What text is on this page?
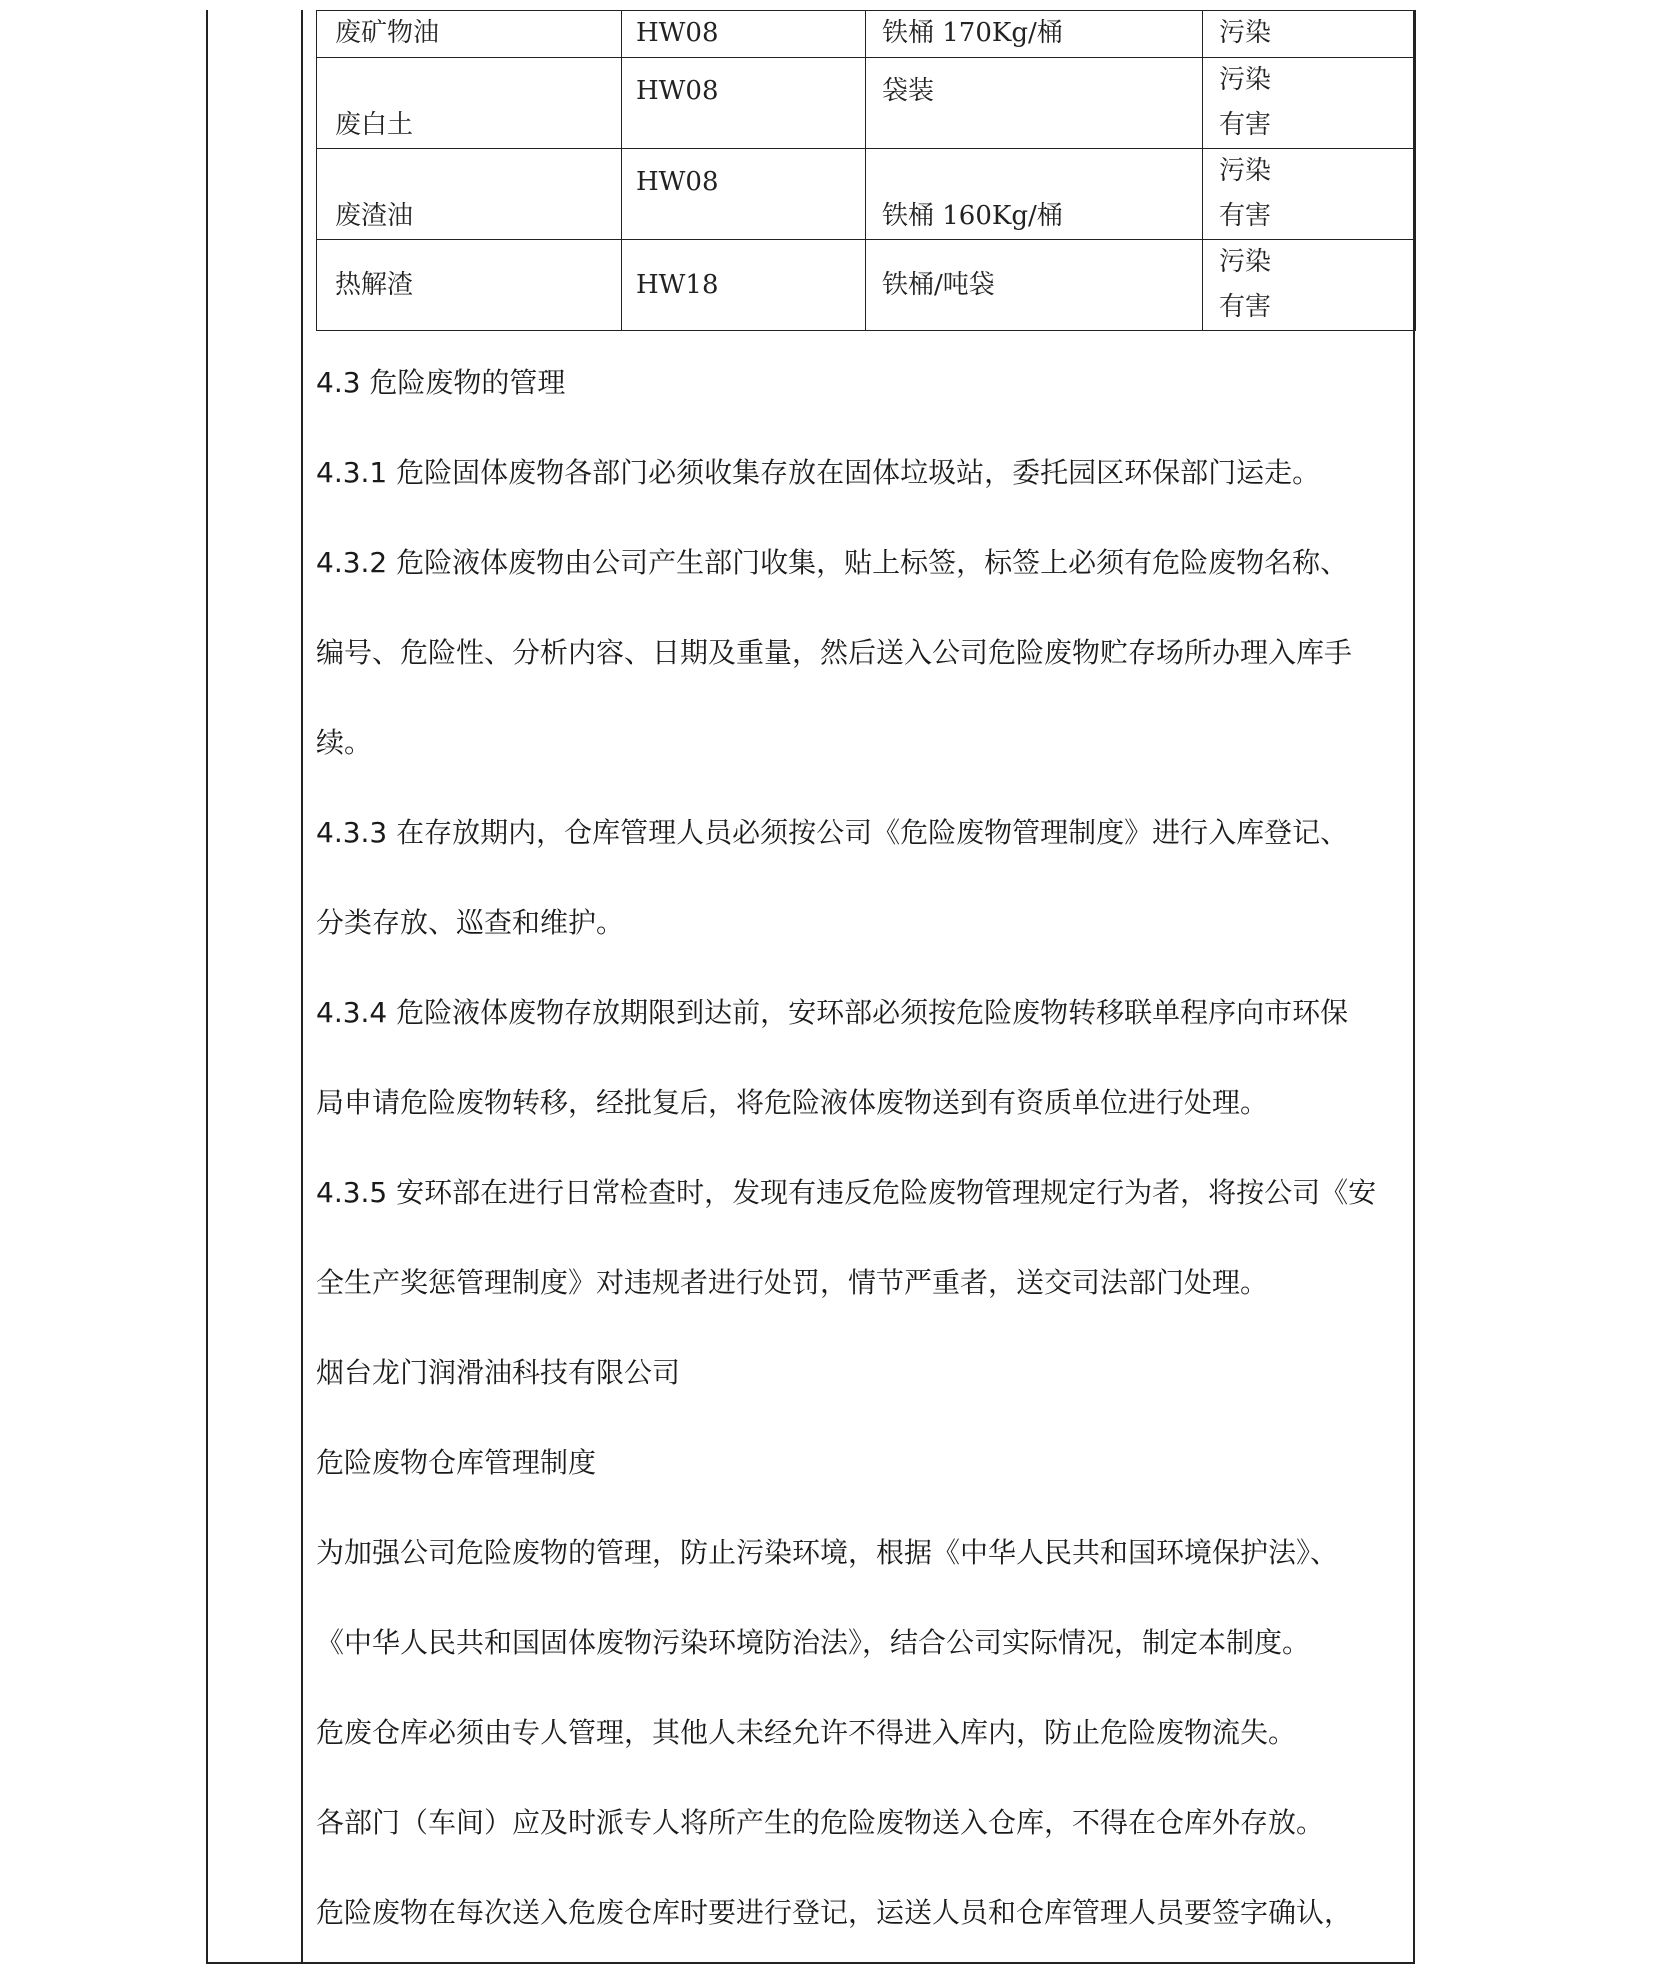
废矿物油	HW08	铁桶 170Kg/桶	污染

废白土	HW08	袋装	污染
有害

废渣油	HW08	铁桶 160Kg/桶	污染
有害

热解渣	HW18	铁桶/吨袋	污染
有害
4.3 危险废物的管理
4.3.1 危险固体废物各部门必须收集存放在固体垃圾站，委托园区环保部门运走。
4.3.2 危险液体废物由公司产生部门收集，贴上标签，标签上必须有危险废物名称、
编号、危险性、分析内容、日期及重量，然后送入公司危险废物贮存场所办理入库手
续。
4.3.3 在存放期内，仓库管理人员必须按公司《危险废物管理制度》进行入库登记、
分类存放、巡查和维护。
4.3.4 危险液体废物存放期限到达前，安环部必须按危险废物转移联单程序向市环保
局申请危险废物转移，经批复后，将危险液体废物送到有资质单位进行处理。
4.3.5 安环部在进行日常检查时，发现有违反危险废物管理规定行为者，将按公司《安
全生产奖惩管理制度》对违规者进行处罚，情节严重者，送交司法部门处理。
烟台龙门润滑油科技有限公司
危险废物仓库管理制度
为加强公司危险废物的管理，防止污染环境，根据《中华人民共和国环境保护法》、
《中华人民共和国固体废物污染环境防治法》，结合公司实际情况，制定本制度。
危废仓库必须由专人管理，其他人未经允许不得进入库内，防止危险废物流失。
各部门（车间）应及时派专人将所产生的危险废物送入仓库，不得在仓库外存放。
危险废物在每次送入危废仓库时要进行登记，运送人员和仓库管理人员要签字确认，
